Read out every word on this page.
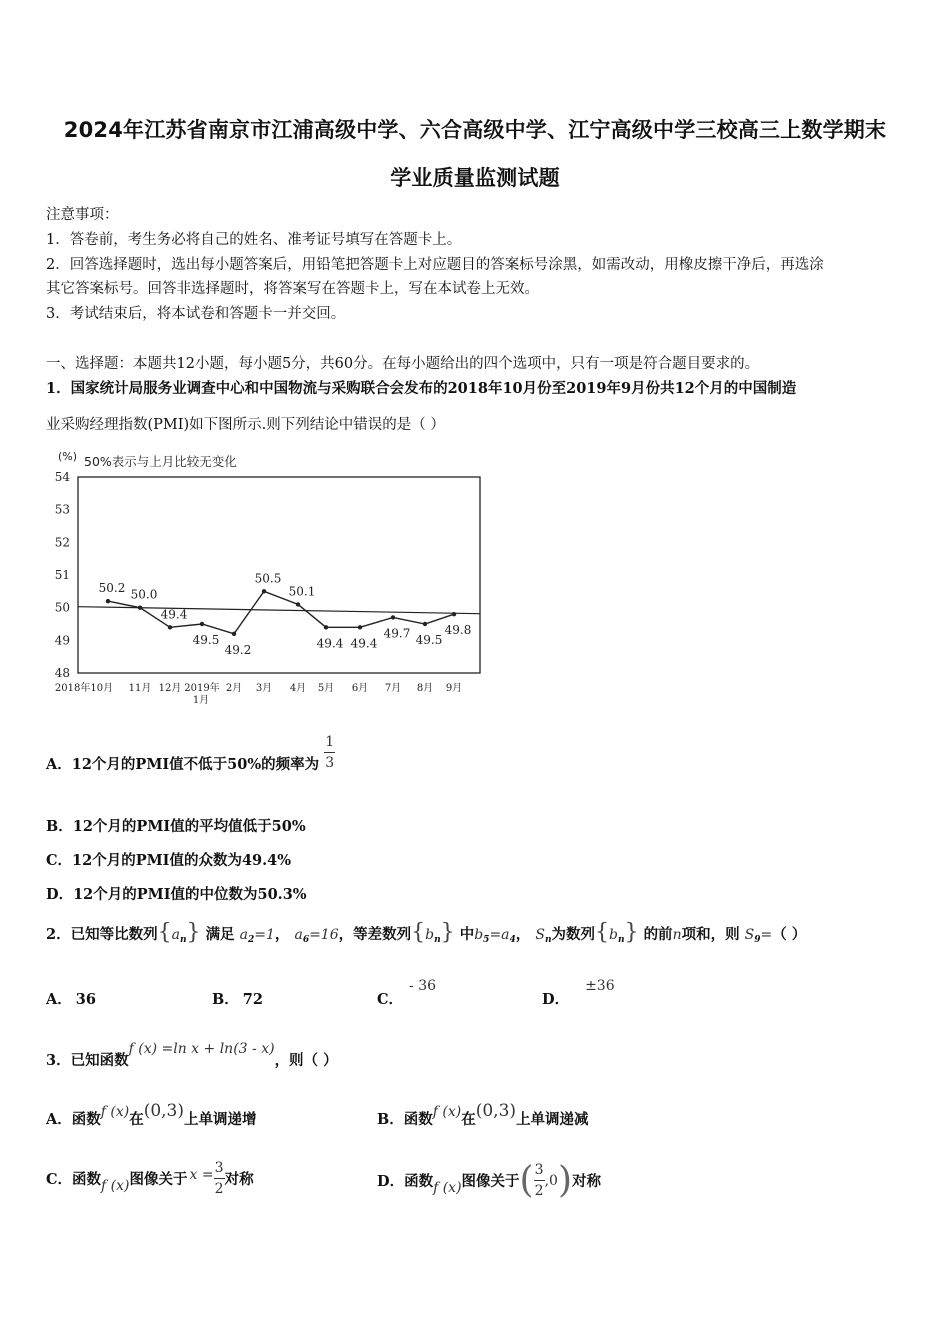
2024年江苏省南京市江浦高级中学、六合高级中学、江宁高级中学三校高三上数学期末
学业质量监测试题
注意事项：
1．答卷前，考生务必将自己的姓名、准考证号填写在答题卡上。
2．回答选择题时，选出每小题答案后，用铅笔把答题卡上对应题目的答案标号涂黑，如需改动，用橡皮擦干净后，再选涂
其它答案标号。回答非选择题时，将答案写在答题卡上，写在本试卷上无效。
3．考试结束后，将本试卷和答题卡一并交回。
一、选择题：本题共12小题，每小题5分，共60分。在每小题给出的四个选项中，只有一项是符合题目要求的。
1．国家统计局服务业调查中心和中国物流与采购联合会发布的2018年10月份至2019年9月份共12个月的中国制造
业采购经理指数(PMI)如下图所示.则下列结论中错误的是（ ）
(%) 50%表示与上月比较无变化
48
49
50
51
52
53
54
2018年10月 11月 12月 2019年
1月
2月 3月 4月 5月 6月 7月 8月 9月
50.2 50.0
49.4
49.5
49.2
50.5
50.1
49.4 49.4
49.7 49.5
49.8
A．12个月的PMI值不低于50%的频率为 $\frac{1}{3}$
B．12个月的PMI值的平均值低于50%
C．12个月的PMI值的众数为49.4%
D．12个月的PMI值的中位数为50.3%
2．已知等比数列$\{a_n\}$ 满足 $a_2=1$， $a_6=16$，等差数列$\{b_n\}$ 中$b_5=a_4$， $S_n$为数列$\{b_n\}$ 的前n项和，则 $S_9=$（ ）
A． 36	B． 72	C．- 36
D．±36
3．已知函数f (x) =ln x + ln(3 - x)，则（ ）
A．函数f (x)在(0,3)上单调递增	B．函数f (x)在(0,3)上单调递减
C．函数 f (x) 图像关于 $x = \frac{3}{2}$ 对称	D．函数 f (x) 图像关于 ( $\frac{3}{2} ,0$ ) 对称
